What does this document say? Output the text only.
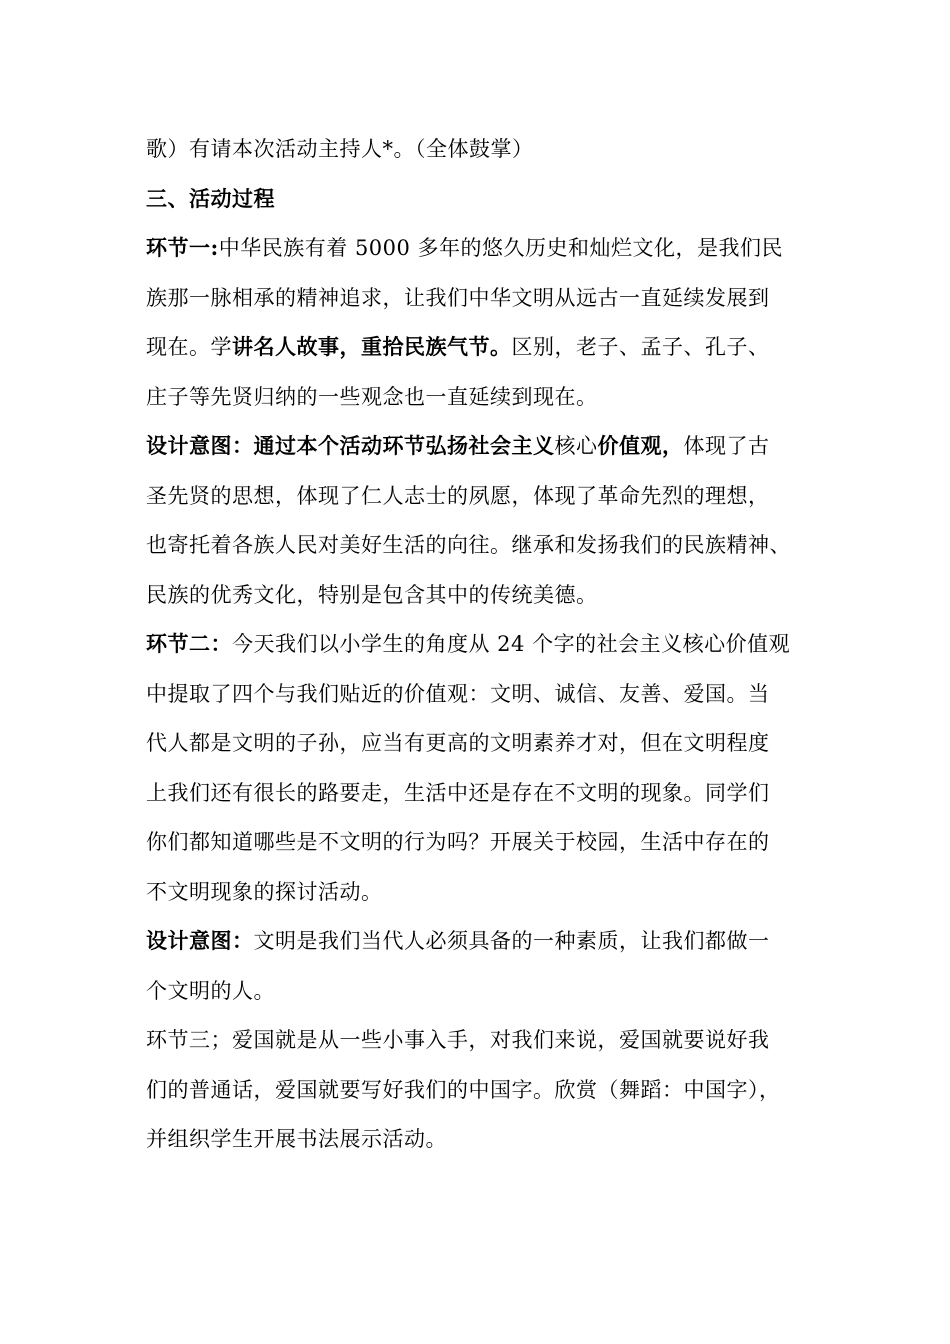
歌）有请本次活动主持人*。（全体鼓掌）
三、活动过程
环节一:中华民族有着 5000 多年的悠久历史和灿烂文化，是我们民
族那一脉相承的精神追求，让我们中华文明从远古一直延续发展到
现在。学讲名人故事，重拾民族气节。区别，老子、孟子、孔子、
庄子等先贤归纳的一些观念也一直延续到现在。
设计意图：通过本个活动环节弘扬社会主义核心价值观，体现了古
圣先贤的思想，体现了仁人志士的夙愿，体现了革命先烈的理想，
也寄托着各族人民对美好生活的向往。继承和发扬我们的民族精神、
民族的优秀文化，特别是包含其中的传统美德。
环节二：今天我们以小学生的角度从 24 个字的社会主义核心价值观
中提取了四个与我们贴近的价值观：文明、诚信、友善、爱国。当
代人都是文明的子孙，应当有更高的文明素养才对，但在文明程度
上我们还有很长的路要走，生活中还是存在不文明的现象。同学们
你们都知道哪些是不文明的行为吗？开展关于校园，生活中存在的
不文明现象的探讨活动。
设计意图：文明是我们当代人必须具备的一种素质，让我们都做一
个文明的人。
环节三；爱国就是从一些小事入手，对我们来说，爱国就要说好我
们的普通话，爱国就要写好我们的中国字。欣赏（舞蹈：中国字），
并组织学生开展书法展示活动。
